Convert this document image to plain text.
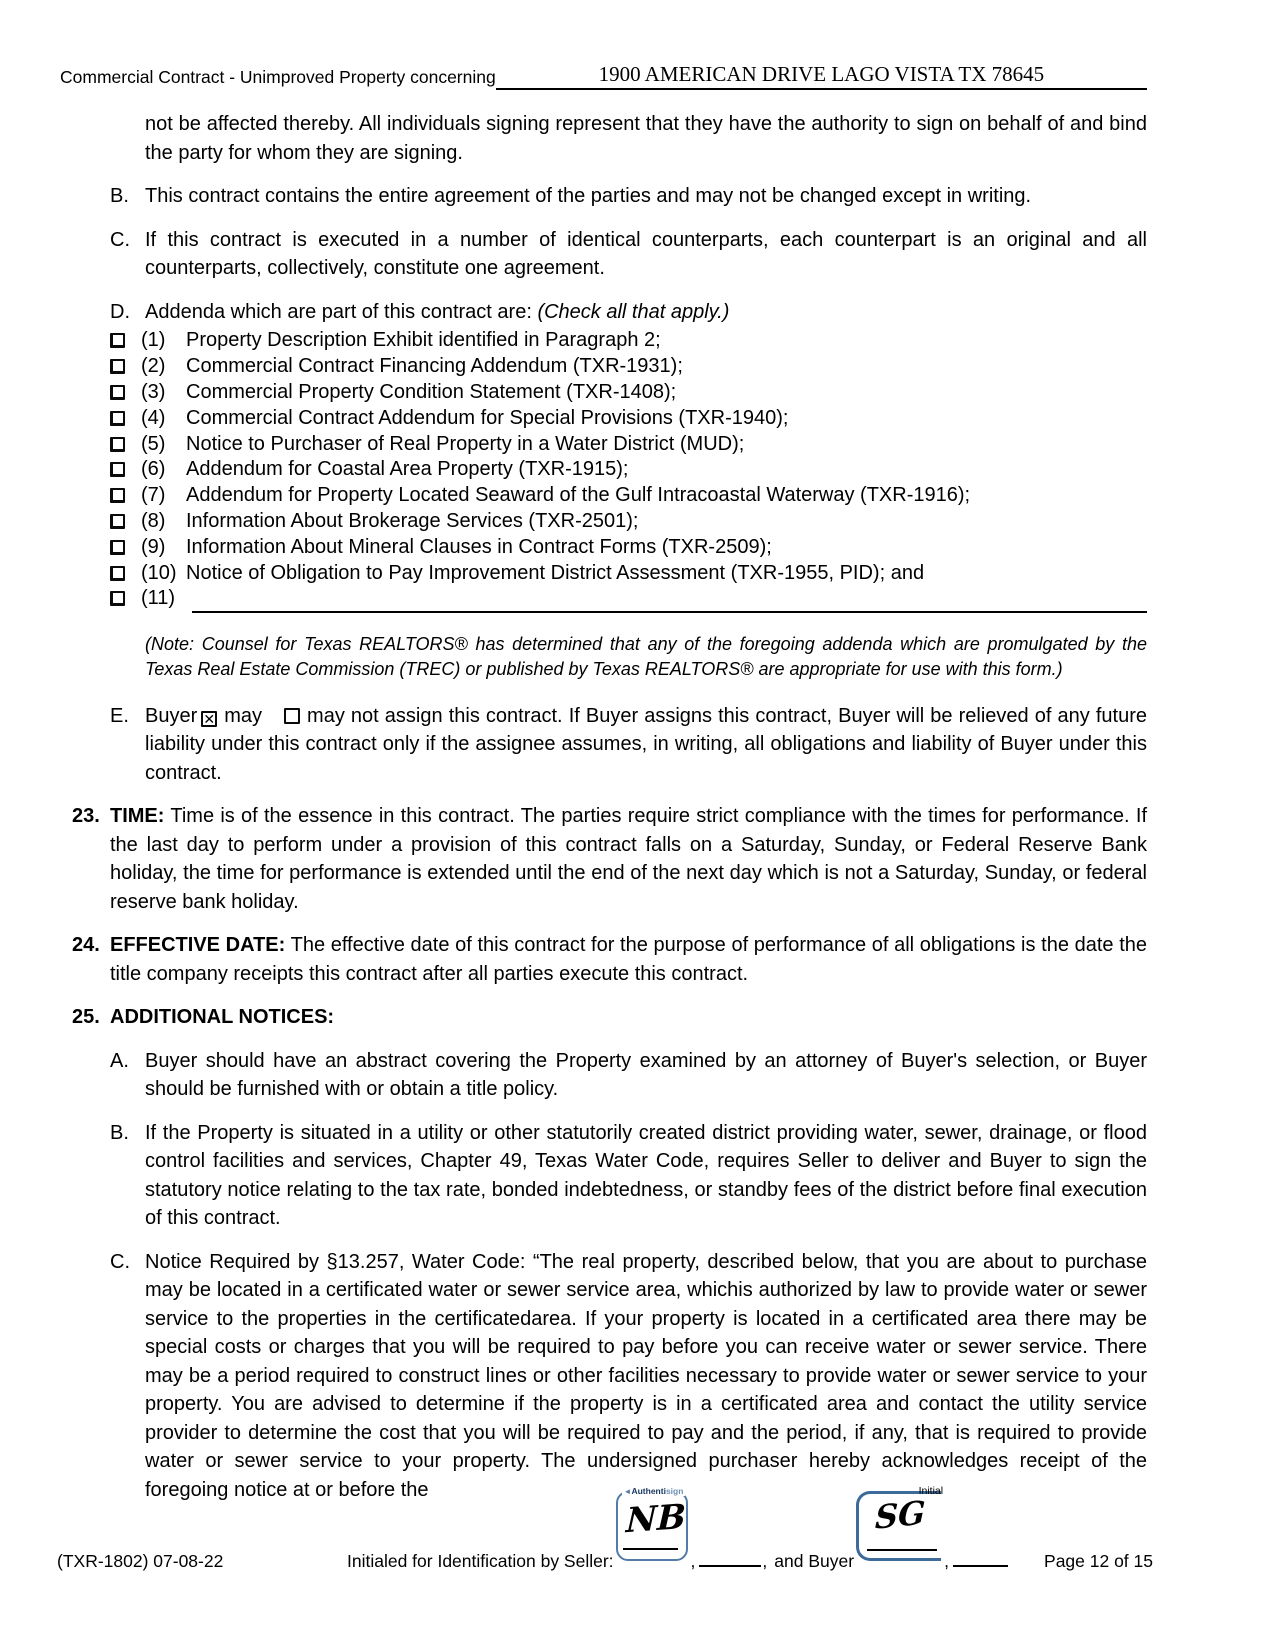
Commercial Contract - Unimproved Property concerning	1900 AMERICAN DRIVE LAGO VISTA TX 78645

not be affected thereby. All individuals signing represent that they have the authority to sign on behalf of and bind the party for whom they are signing.

B. This contract contains the entire agreement of the parties and may not be changed except in writing.
C. If this contract is executed in a number of identical counterparts, each counterpart is an original and all counterparts, collectively, constitute one agreement.
D. Addenda which are part of this contract are: (Check all that apply.)
(1)	Property Description Exhibit identified in Paragraph 2;
(2)	Commercial Contract Financing Addendum (TXR-1931);
(3)	Commercial Property Condition Statement (TXR-1408);
(4)	Commercial Contract Addendum for Special Provisions (TXR-1940);
(5)	Notice to Purchaser of Real Property in a Water District (MUD);
(6)	Addendum for Coastal Area Property (TXR-1915);
(7)	Addendum for Property Located Seaward of the Gulf Intracoastal Waterway (TXR-1916);
(8)	Information About Brokerage Services (TXR-2501);
(9)	Information About Mineral Clauses in Contract Forms (TXR-2509);
(10) Notice of Obligation to Pay Improvement District Assessment (TXR-1955, PID); and
(11)

(Note: Counsel for Texas REALTORS® has determined that any of the foregoing addenda which are promulgated by the Texas Real Estate Commission (TREC) or published by Texas REALTORS® are appropriate for use with this form.)

E. Buyer ✕ may may not assign this contract. If Buyer assigns this contract, Buyer will be relieved of any future liability under this contract only if the assignee assumes, in writing, all obligations and liability of Buyer under this contract.
23. TIME: Time is of the essence in this contract. The parties require strict compliance with the times for performance. If the last day to perform under a provision of this contract falls on a Saturday, Sunday, or Federal Reserve Bank holiday, the time for performance is extended until the end of the next day which is not a Saturday, Sunday, or federal reserve bank holiday.
24. EFFECTIVE DATE: The effective date of this contract for the purpose of performance of all obligations is the date the title company receipts this contract after all parties execute this contract.
25. ADDITIONAL NOTICES:
A. Buyer should have an abstract covering the Property examined by an attorney of Buyer's selection, or Buyer should be furnished with or obtain a title policy.
B. If the Property is situated in a utility or other statutorily created district providing water, sewer, drainage, or flood control facilities and services, Chapter 49, Texas Water Code, requires Seller to deliver and Buyer to sign the statutory notice relating to the tax rate, bonded indebtedness, or standby fees of the district before final execution of this contract.
C. Notice Required by §13.257, Water Code: “The real property, described below, that you are about to purchase may be located in a certificated water or sewer service area, whichis authorized by law to provide water or sewer service to the properties in the certificatedarea. If your property is located in a certificated area there may be special costs or charges that you will be required to pay before you can receive water or sewer service. There may be a period required to construct lines or other facilities necessary to provide water or sewer service to your property. You are advised to determine if the property is in a certificated area and contact the utility service provider to determine the cost that you will be required to pay and the period, if any, that is required to provide water or sewer service to your property. The undersigned purchaser hereby acknowledges receipt of the foregoing notice at or before the
(TXR-1802) 07-08-22	Initialed for Identification by Seller:
◄Authentisign
NB
,	, and Buyer
Initial
SG
,	Page 12 of 15
